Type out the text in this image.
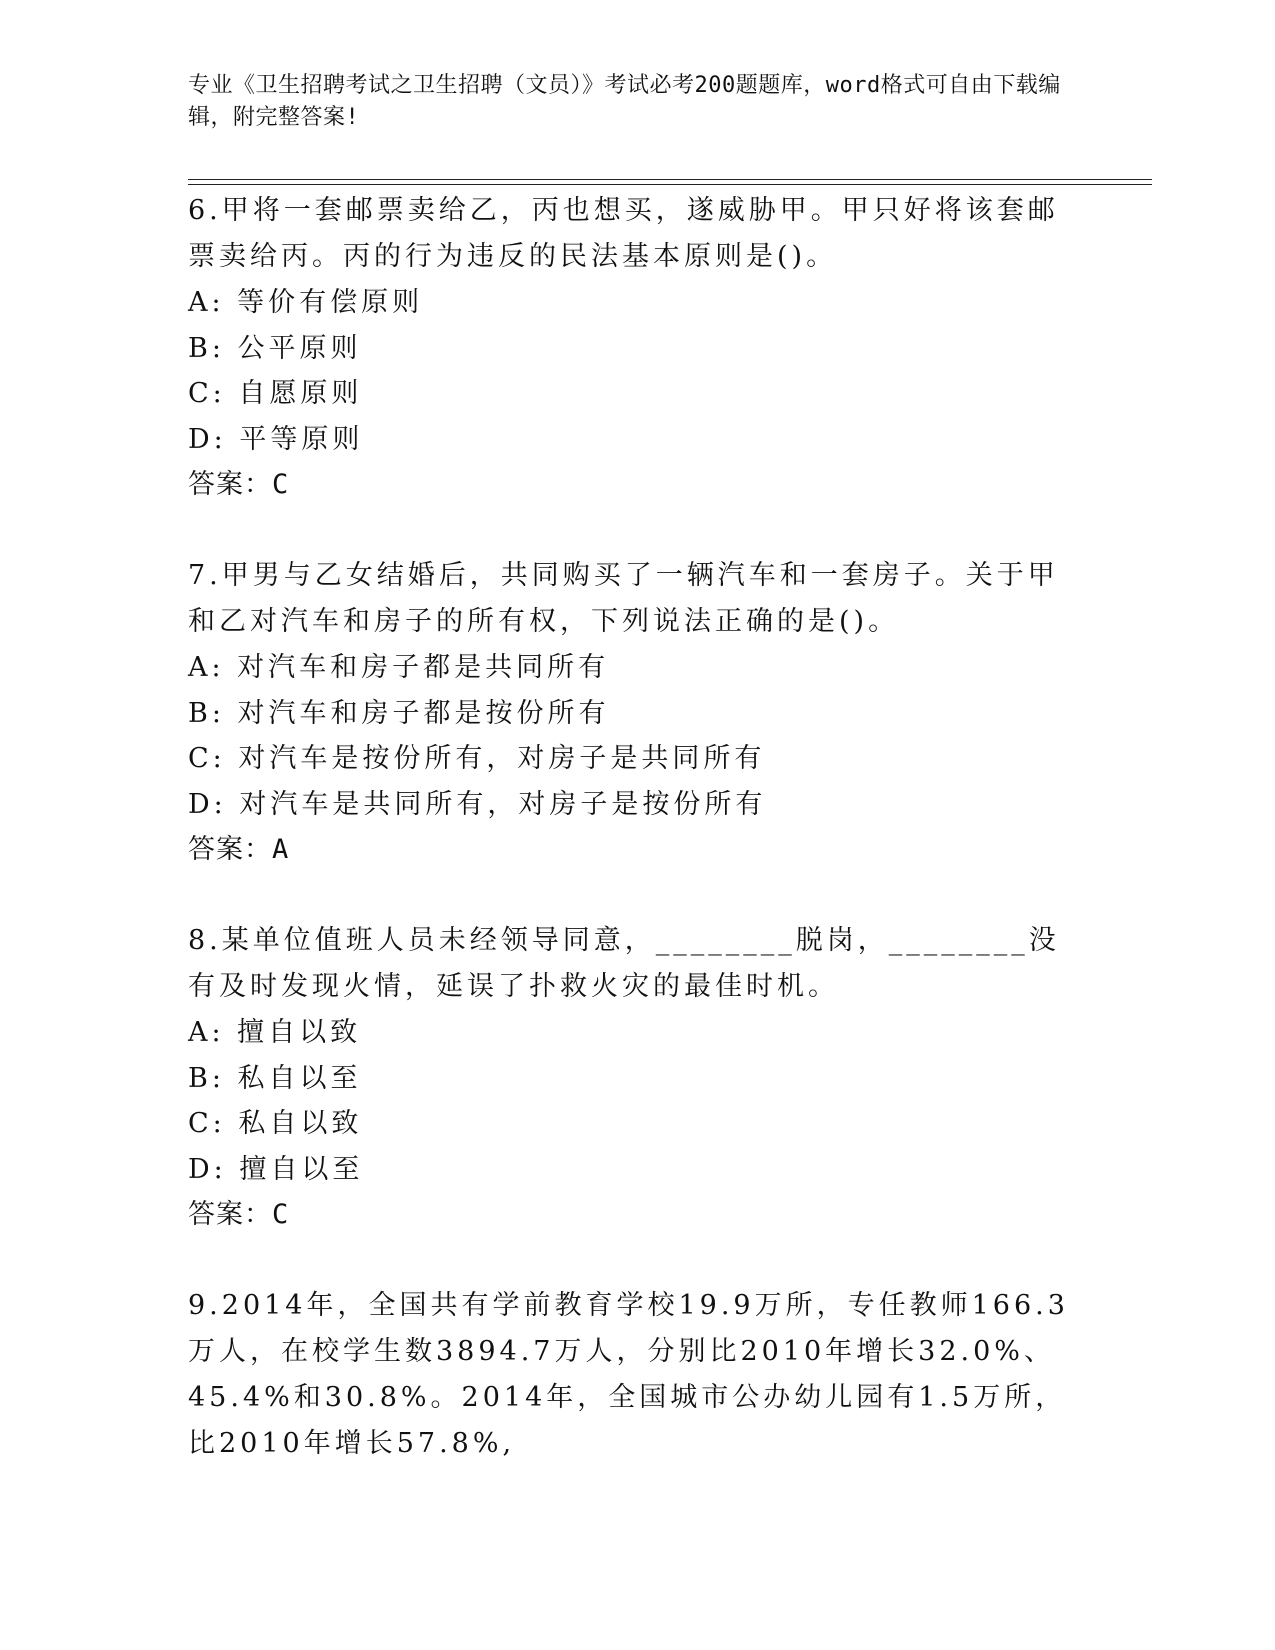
专业《卫生招聘考试之卫生招聘（文员）》考试必考200题题库，word格式可自由下载编辑，附完整答案!

6.甲将一套邮票卖给乙，丙也想买，遂威胁甲。甲只好将该套邮票卖给丙。丙的行为违反的民法基本原则是()。

A: 等价有偿原则

B: 公平原则

C: 自愿原则

D: 平等原则

答案：C

7.甲男与乙女结婚后，共同购买了一辆汽车和一套房子。关于甲和乙对汽车和房子的所有权，下列说法正确的是()。

A: 对汽车和房子都是共同所有

B: 对汽车和房子都是按份所有

C: 对汽车是按份所有，对房子是共同所有

D: 对汽车是共同所有，对房子是按份所有

答案：A

8.某单位值班人员未经领导同意，________脱岗，________没有及时发现火情，延误了扑救火灾的最佳时机。

A: 擅自以致

B: 私自以至

C: 私自以致

D: 擅自以至

答案：C

9.2014年，全国共有学前教育学校19.9万所，专任教师166.3万人，在校学生数3894.7万人，分别比2010年增长32.0%、45.4%和30.8%。2014年，全国城市公办幼儿园有1.5万所，比2010年增长57.8%,
